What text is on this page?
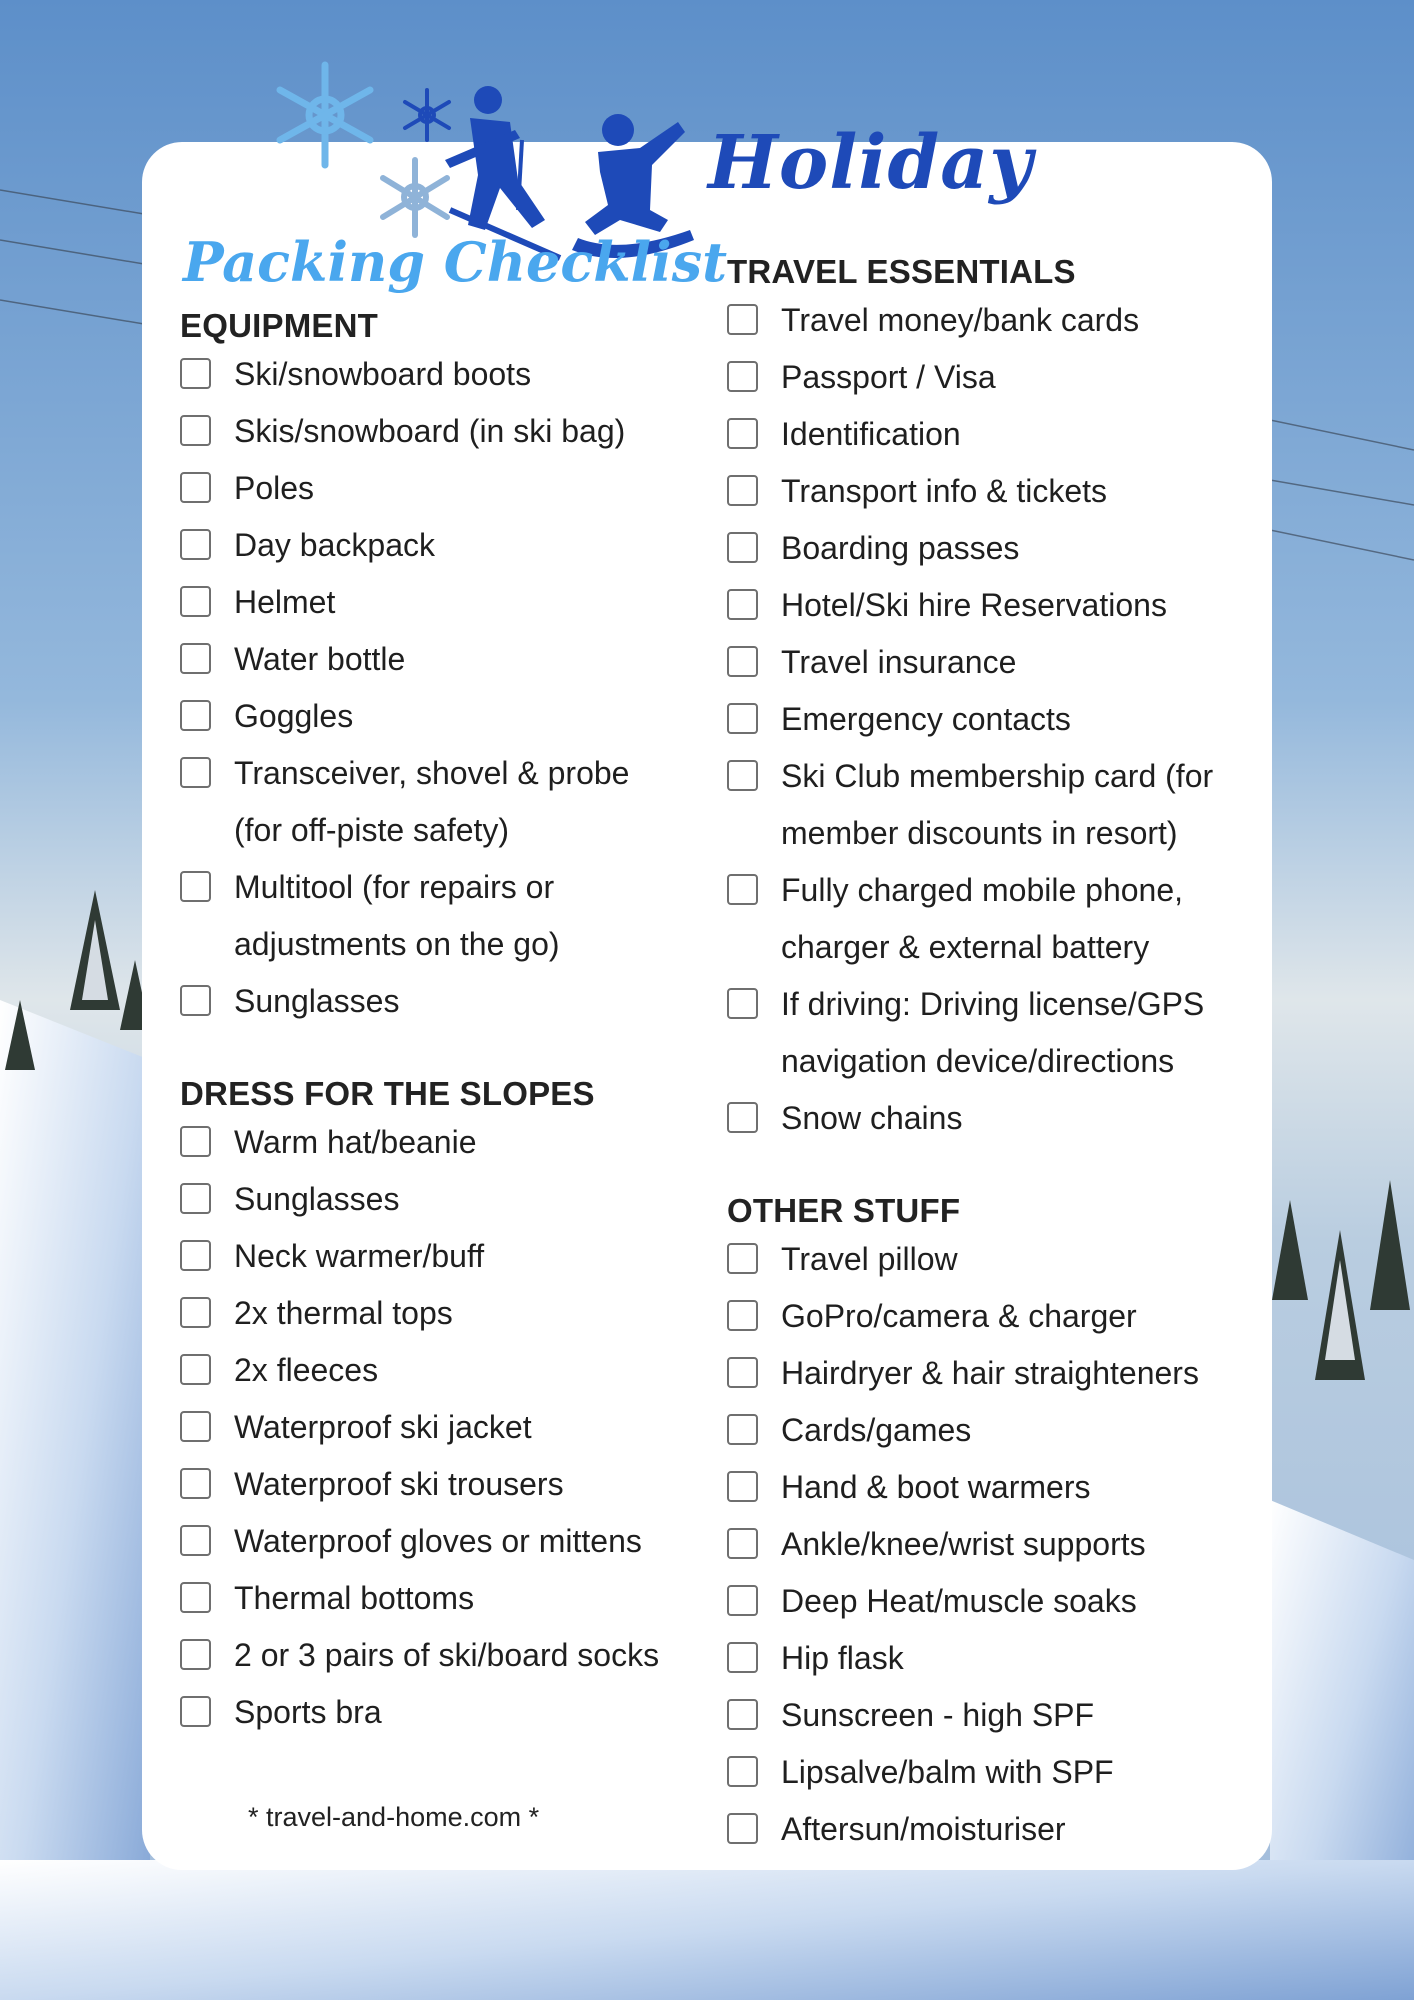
Holiday
Packing Checklist
EQUIPMENT
Ski/snowboard boots
Skis/snowboard (in ski bag)
Poles
Day backpack
Helmet
Water bottle
Goggles
Transceiver, shovel & probe
(for off-piste safety)
Multitool (for repairs or
adjustments on the go)
Sunglasses
DRESS FOR THE SLOPES
Warm hat/beanie
Sunglasses
Neck warmer/buff
2x thermal tops
2x fleeces
Waterproof ski jacket
Waterproof ski trousers
Waterproof gloves or mittens
Thermal bottoms
2 or 3 pairs of ski/board socks
Sports bra
TRAVEL ESSENTIALS
Travel money/bank cards
Passport / Visa
Identification
Transport info & tickets
Boarding passes
Hotel/Ski hire Reservations
Travel insurance
Emergency contacts
Ski Club membership card (for
member discounts in resort)
Fully charged mobile phone,
charger & external battery
If driving: Driving license/GPS
navigation device/directions
Snow chains
OTHER STUFF
Travel pillow
GoPro/camera & charger
Hairdryer & hair straighteners
Cards/games
Hand & boot warmers
Ankle/knee/wrist supports
Deep Heat/muscle soaks
Hip flask
Sunscreen - high SPF
Lipsalve/balm with SPF
Aftersun/moisturiser
* travel-and-home.com *
